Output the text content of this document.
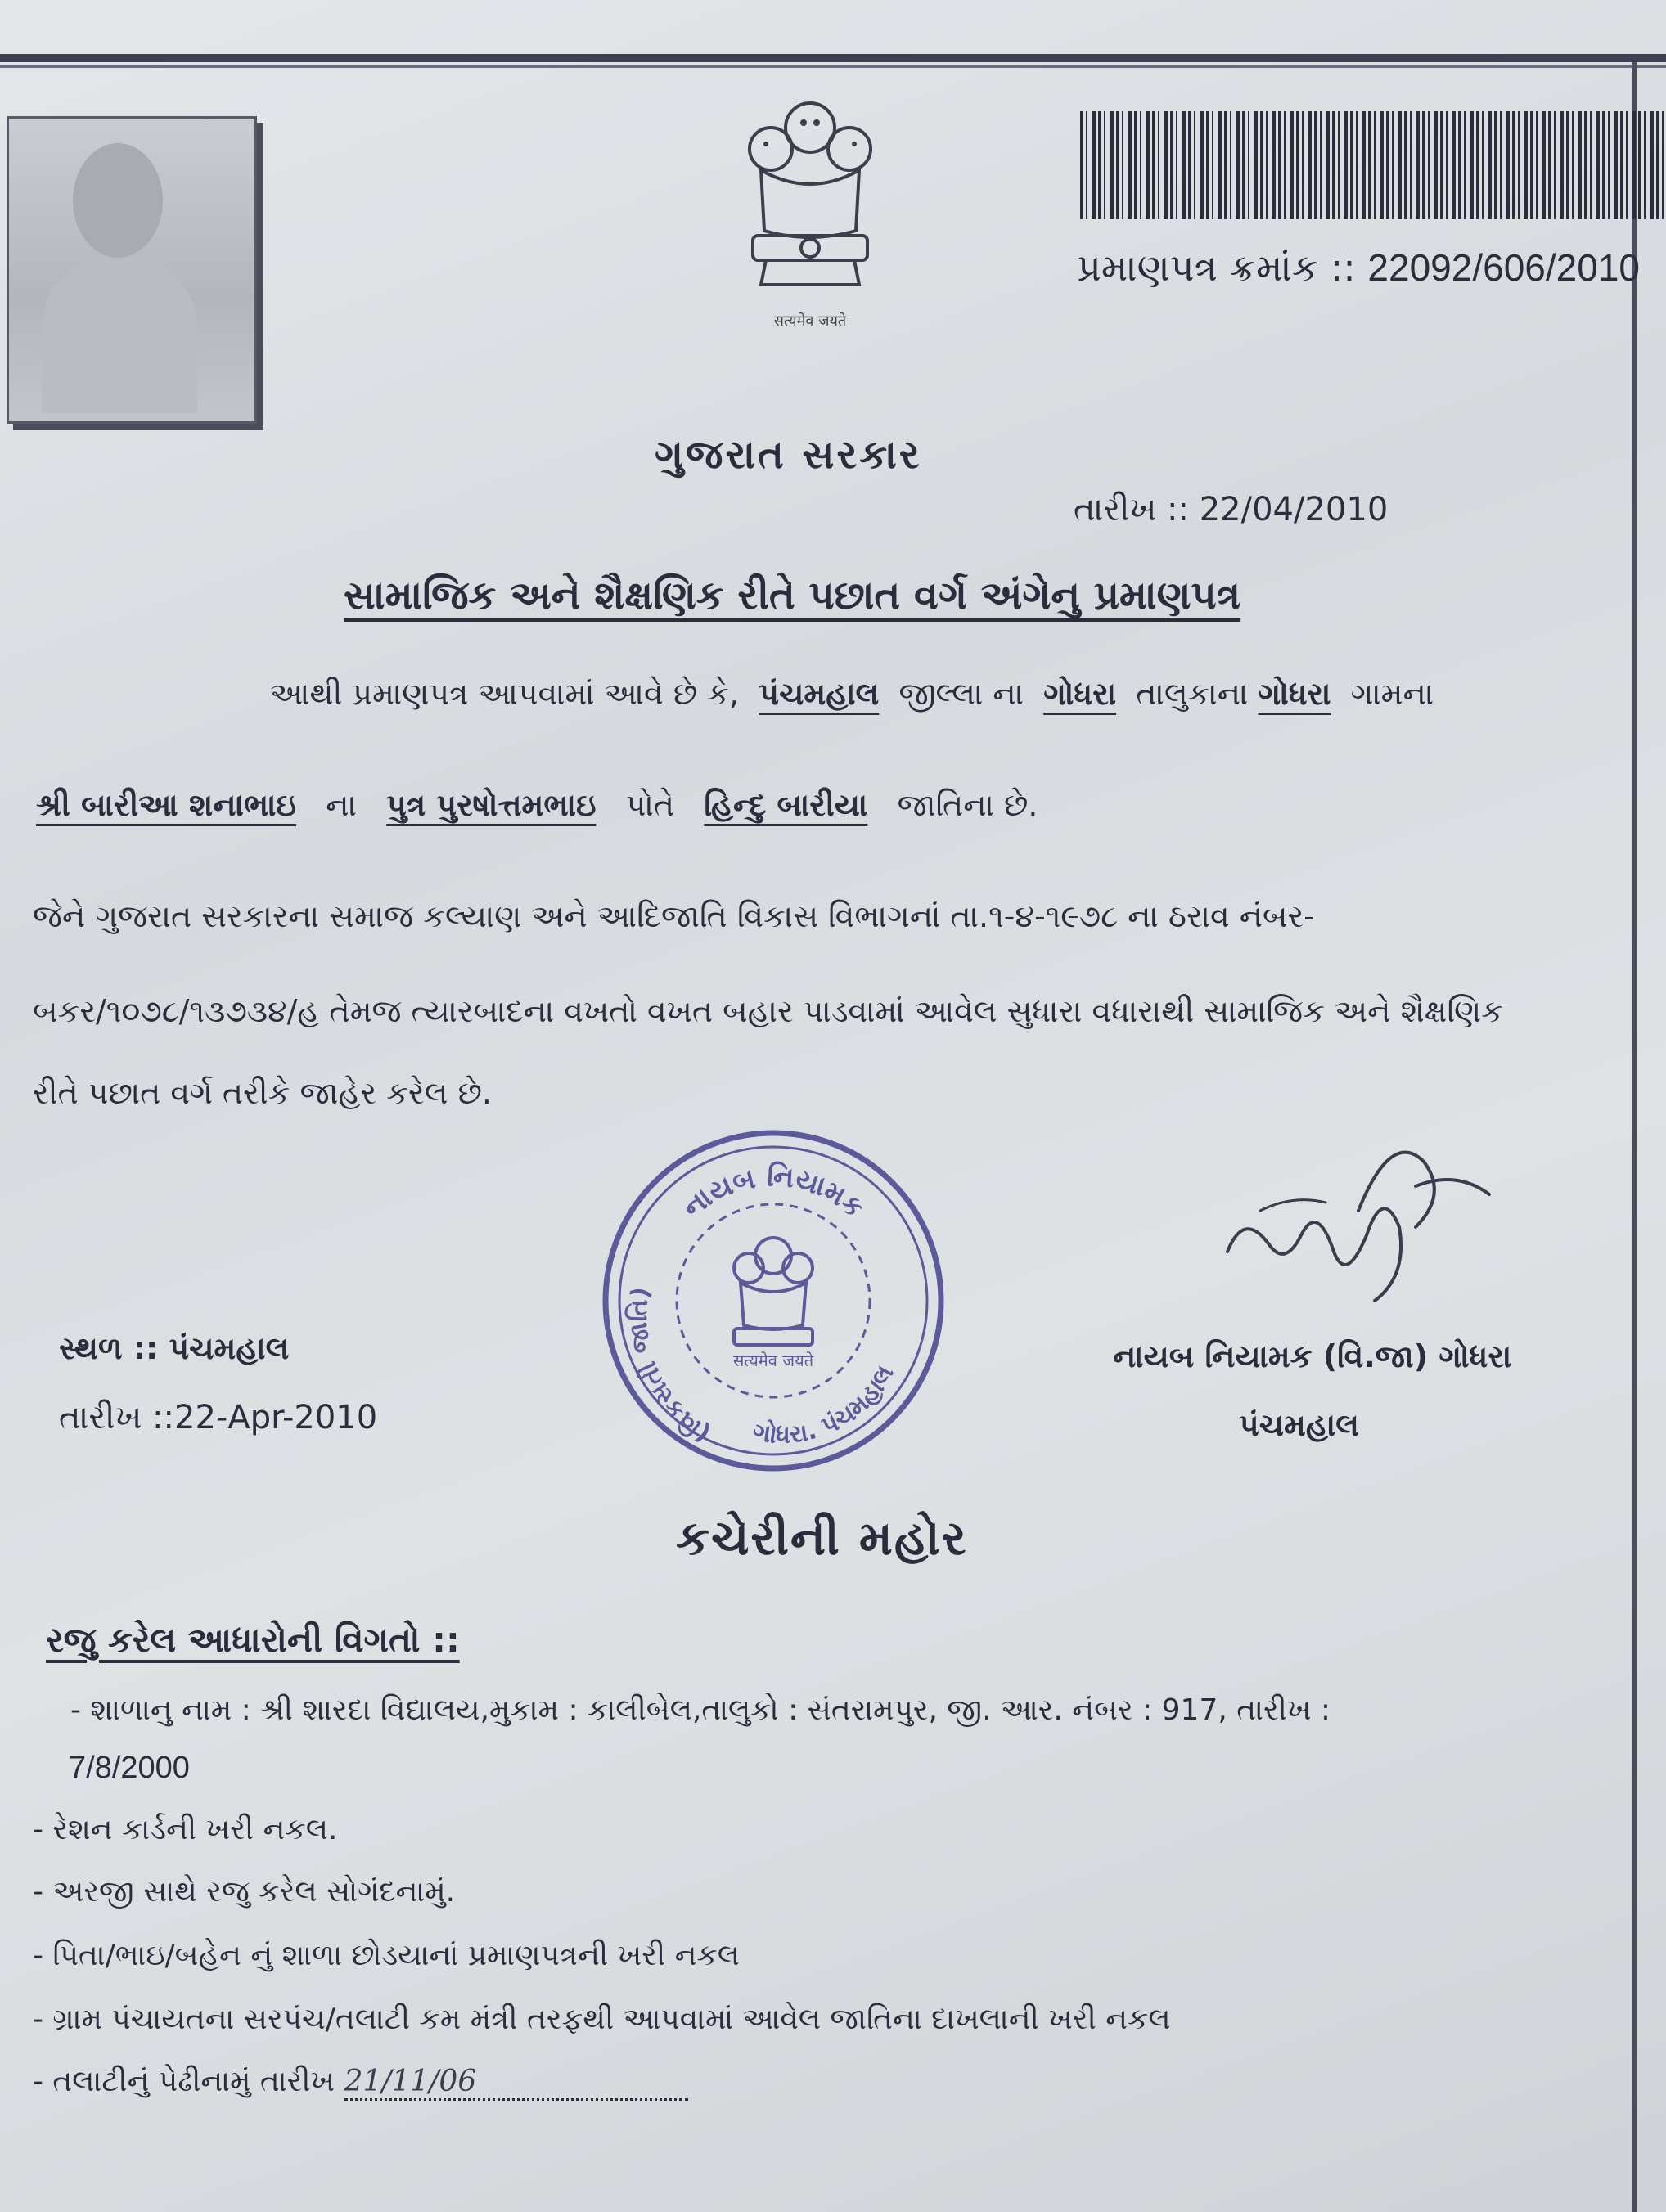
सत्यमेव जयते
પ્રમાણપત્ર ક્રમાંક :: 22092/606/2010
ગુજરાત સરકાર
તારીખ :: 22/04/2010
સામાજિક અને શૈક્ષણિક રીતે પછાત વર્ગ અંગેનુ પ્રમાણપત્ર
આથી પ્રમાણપત્ર આપવામાં આવે છે કે, પંચમહાલ જીલ્લા ના ગોધરા તાલુકાના ગોધરા ગામના
શ્રી બારીઆ શનાભાઇ ના પુત્ર પુરષોત્તમભાઇ પોતે હિન્દુ બારીયા જાતિના છે.
જેને ગુજરાત સરકારના સમાજ કલ્યાણ અને આદિજાતિ વિકાસ વિભાગનાં તા.૧-૪-૧૯૭૮ ના ઠરાવ નંબર-
બકર/૧૦૭૮/૧૩૭૩૪/હ તેમજ ત્યારબાદના વખતો વખત બહાર પાડવામાં આવેલ સુધારા વધારાથી સામાજિક અને શૈક્ષણિક
રીતે પછાત વર્ગ તરીકે જાહેર કરેલ છે.
સ્થળ :: પંચમહાલ
તારીખ ::22-Apr-2010
નાયબ નિયામક
(વિકસતી જાતિ)
ગોધરા. પંચમહાલ
सत्यमेव जयते	નાયબ નિયામક (વિ.જા) ગોધરા
પંચમહાલ
કચેરીની મહોર
રજુ કરેલ આધારોની વિગતો ::
- શાળાનુ નામ : શ્રી શારદા વિદ્યાલય,મુકામ : કાલીબેલ,તાલુકો : સંતરામપુર, જી. આર. નંબર : 917, તારીખ :
7/8/2000
- રેશન કાર્ડની ખરી નકલ.
- અરજી સાથે રજુ કરેલ સોગંદનામું.
- પિતા/ભાઇ/બહેન નું શાળા છોડયાનાં પ્રમાણપત્રની ખરી નકલ
- ગ્રામ પંચાયતના સરપંચ/તલાટી કમ મંત્રી તરફથી આપવામાં આવેલ જાતિના દાખલાની ખરી નકલ
- તલાટીનું પેઢીનામું તારીખ 21/11/06
